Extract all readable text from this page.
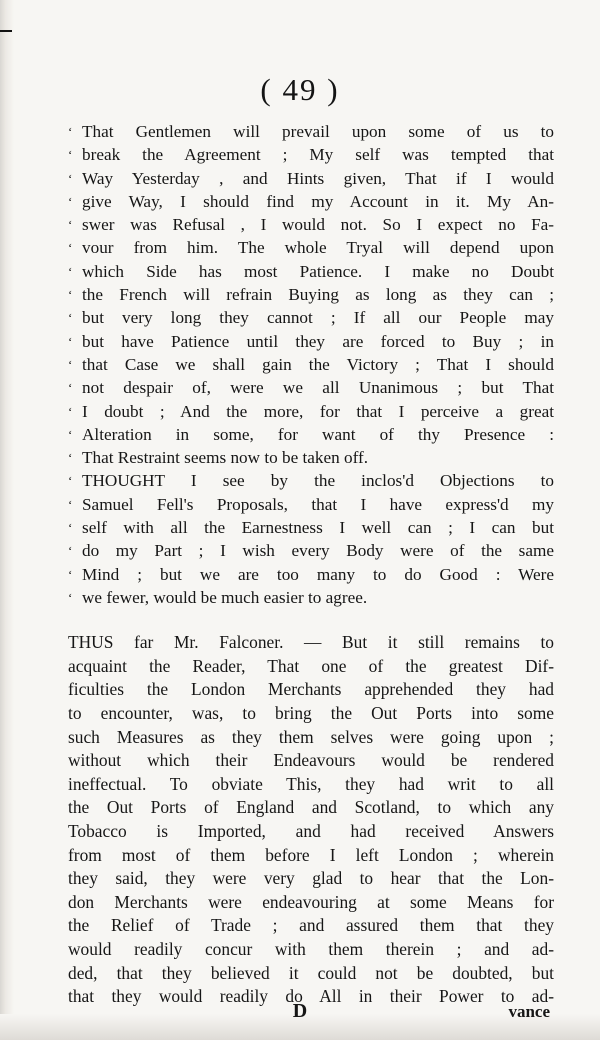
( 49 )
‘ That Gentlemen will prevail upon some of us to
‘ break the Agreement ; My self was tempted that
‘ Way Yesterday , and Hints given, That if I would
‘ give Way, I should find my Account in it. My An-
‘ swer was Refusal , I would not. So I expect no Fa-
‘ vour from him. The whole Tryal will depend upon
‘ which Side has most Patience. I make no Doubt
‘ the French will refrain Buying as long as they can ;
‘ but very long they cannot ; If all our People may
‘ but have Patience until they are forced to Buy ; in
‘ that Case we shall gain the Victory ; That I should
‘ not despair of, were we all Unanimous ; but That
‘ I doubt ; And the more, for that I perceive a great
‘ Alteration in some, for want of thy Presence :
‘ That Restraint seems now to be taken off.
‘ THOUGHT I see by the inclos'd Objections to
‘ Samuel Fell's Proposals, that I have express'd my
‘ self with all the Earnestness I well can ; I can but
‘ do my Part ; I wish every Body were of the same
‘ Mind ; but we are too many to do Good : Were
‘ we fewer, would be much easier to agree.
THUS far Mr. Falconer. — But it still remains to
acquaint the Reader, That one of the greatest Dif-
ficulties the London Merchants apprehended they had
to encounter, was, to bring the Out Ports into some
such Measures as they them selves were going upon ;
without which their Endeavours would be rendered
ineffectual. To obviate This, they had writ to all
the Out Ports of England and Scotland, to which any
Tobacco is Imported, and had received Answers
from most of them before I left London ; wherein
they said, they were very glad to hear that the Lon-
don Merchants were endeavouring at some Means for
the Relief of Trade ; and assured them that they
would readily concur with them therein ; and ad-
ded, that they believed it could not be doubted, but
that they would readily do All in their Power to ad-
D	vance
